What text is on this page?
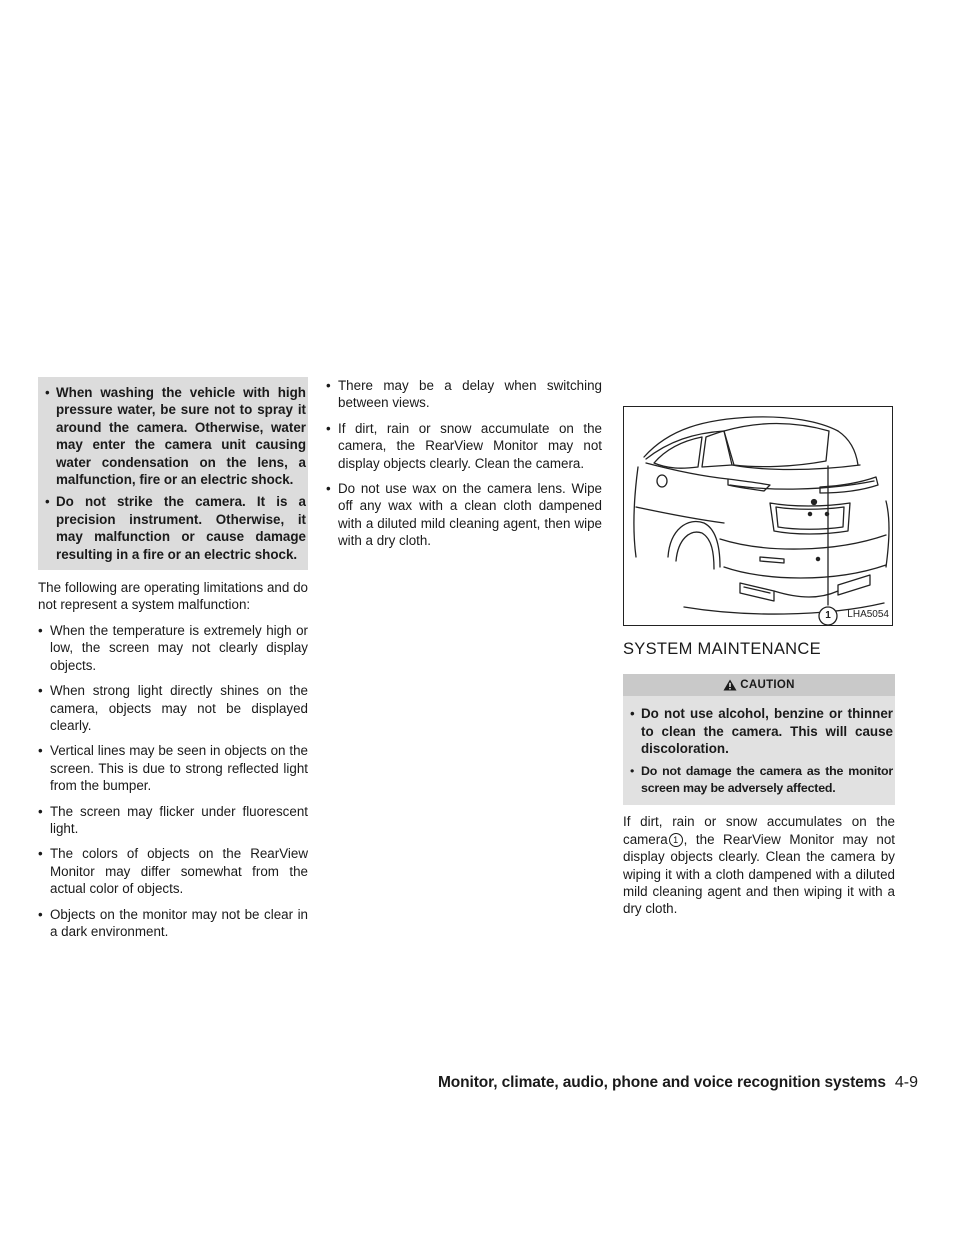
• When washing the vehicle with high pressure water, be sure not to spray it around the camera. Otherwise, water may enter the camera unit causing water condensation on the lens, a malfunction, fire or an electric shock.
• Do not strike the camera. It is a precision instrument. Otherwise, it may malfunction or cause damage resulting in a fire or an electric shock.

The following are operating limitations and do not represent a system malfunction:

• When the temperature is extremely high or low, the screen may not clearly display objects.
• When strong light directly shines on the camera, objects may not be displayed clearly.
• Vertical lines may be seen in objects on the screen. This is due to strong reflected light from the bumper.
• The screen may flicker under fluorescent light.
• The colors of objects on the RearView Monitor may differ somewhat from the actual color of objects.
• Objects on the monitor may not be clear in a dark environment.
• There may be a delay when switching between views.
• If dirt, rain or snow accumulate on the camera, the RearView Monitor may not display objects clearly. Clean the camera.
• Do not use wax on the camera lens. Wipe off any wax with a clean cloth dampened with a diluted mild cleaning agent, then wipe with a dry cloth.
1	LHA5054
SYSTEM MAINTENANCE
CAUTION
• Do not use alcohol, benzine or thinner to clean the camera. This will cause discoloration.
• Do not damage the camera as the monitor screen may be adversely affected.

If dirt, rain or snow accumulates on the camera 1 , the RearView Monitor may not display objects clearly. Clean the camera by wiping it with a cloth dampened with a diluted mild cleaning agent and then wiping it with a dry cloth.

Monitor, climate, audio, phone and voice recognition systems 4-9
